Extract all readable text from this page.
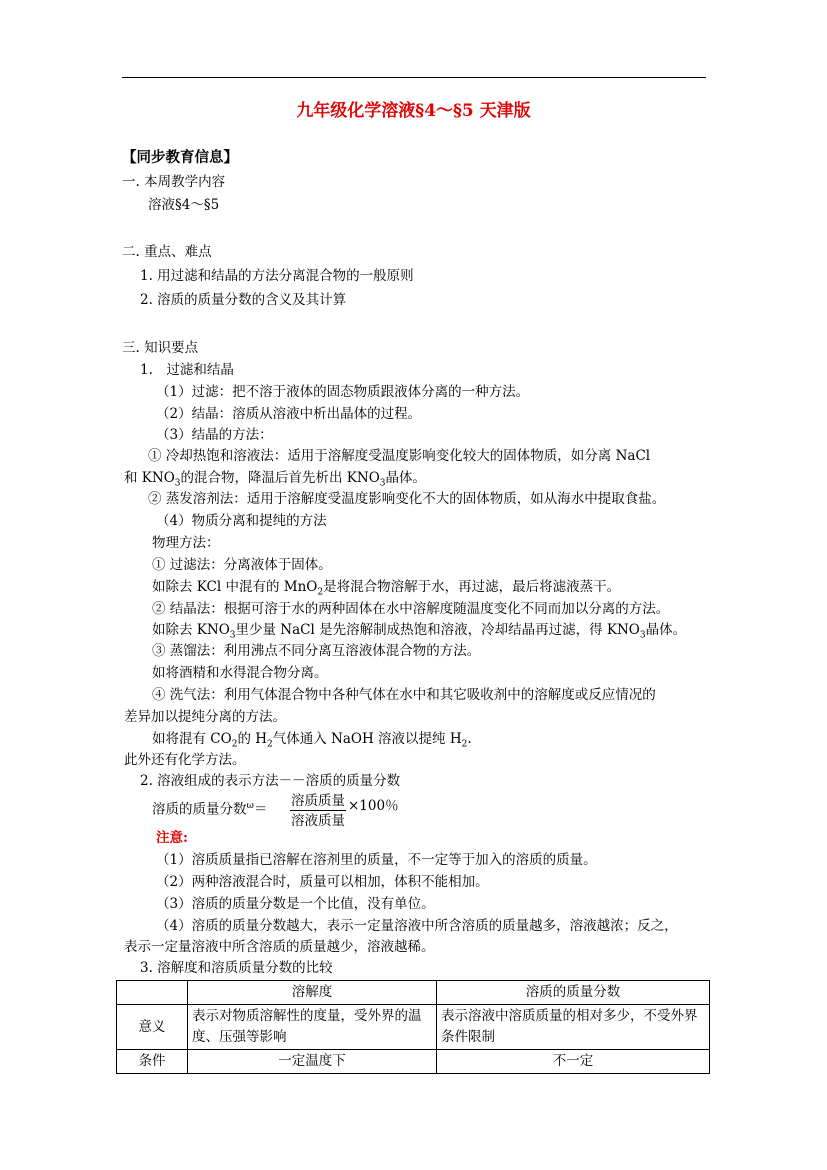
九年级化学溶液§4～§5 天津版
【同步教育信息】
一. 本周教学内容
溶液§4～§5
二. 重点、难点
1. 用过滤和结晶的方法分离混合物的一般原则
2. 溶质的质量分数的含义及其计算
三. 知识要点
1.　过滤和结晶
（1）过滤：把不溶于液体的固态物质跟液体分离的一种方法。
（2）结晶：溶质从溶液中析出晶体的过程。
（3）结晶的方法：
① 冷却热饱和溶液法：适用于溶解度受温度影响变化较大的固体物质，如分离 NaCl
和 $KNO_3$的混合物，降温后首先析出 $KNO_3$晶体。
② 蒸发溶剂法：适用于溶解度受温度影响变化不大的固体物质，如从海水中提取食盐。
（4）物质分离和提纯的方法
物理方法：
① 过滤法：分离液体于固体。
如除去 KCl 中混有的 MnO$_2$是将混合物溶解于水，再过滤，最后将滤液蒸干。
② 结晶法：根据可溶于水的两种固体在水中溶解度随温度变化不同而加以分离的方法。
如除去 $KNO_3$里少量 NaCl 是先溶解制成热饱和溶液，冷却结晶再过滤，得 $KNO_3$晶体。
③ 蒸馏法：利用沸点不同分离互溶液体混合物的方法。
如将酒精和水得混合物分离。
④ 洗气法：利用气体混合物中各种气体在水中和其它吸收剂中的溶解度或反应情况的
差异加以提纯分离的方法。
如将混有 $CO_2$的 $H_2$气体通入 NaOH 溶液以提纯 $H_2$.
此外还有化学方法。
2. 溶液组成的表示方法－－溶质的质量分数
溶质的质量分数$^\omega$＝
溶质质量
溶液质量
×100％
注意:
（1）溶质质量指已溶解在溶剂里的质量，不一定等于加入的溶质的质量。
（2）两种溶液混合时，质量可以相加，体积不能相加。
（3）溶质的质量分数是一个比值，没有单位。
（4）溶质的质量分数越大，表示一定量溶液中所含溶质的质量越多，溶液越浓；反之，
表示一定量溶液中所含溶质的质量越少，溶液越稀。
3. 溶解度和溶质质量分数的比较
	溶解度	溶质的质量分数
意义	表示对物质溶解性的度量，受外界的温度、压强等影响	表示溶液中溶质质量的相对多少，不受外界条件限制
条件	一定温度下	不一定
